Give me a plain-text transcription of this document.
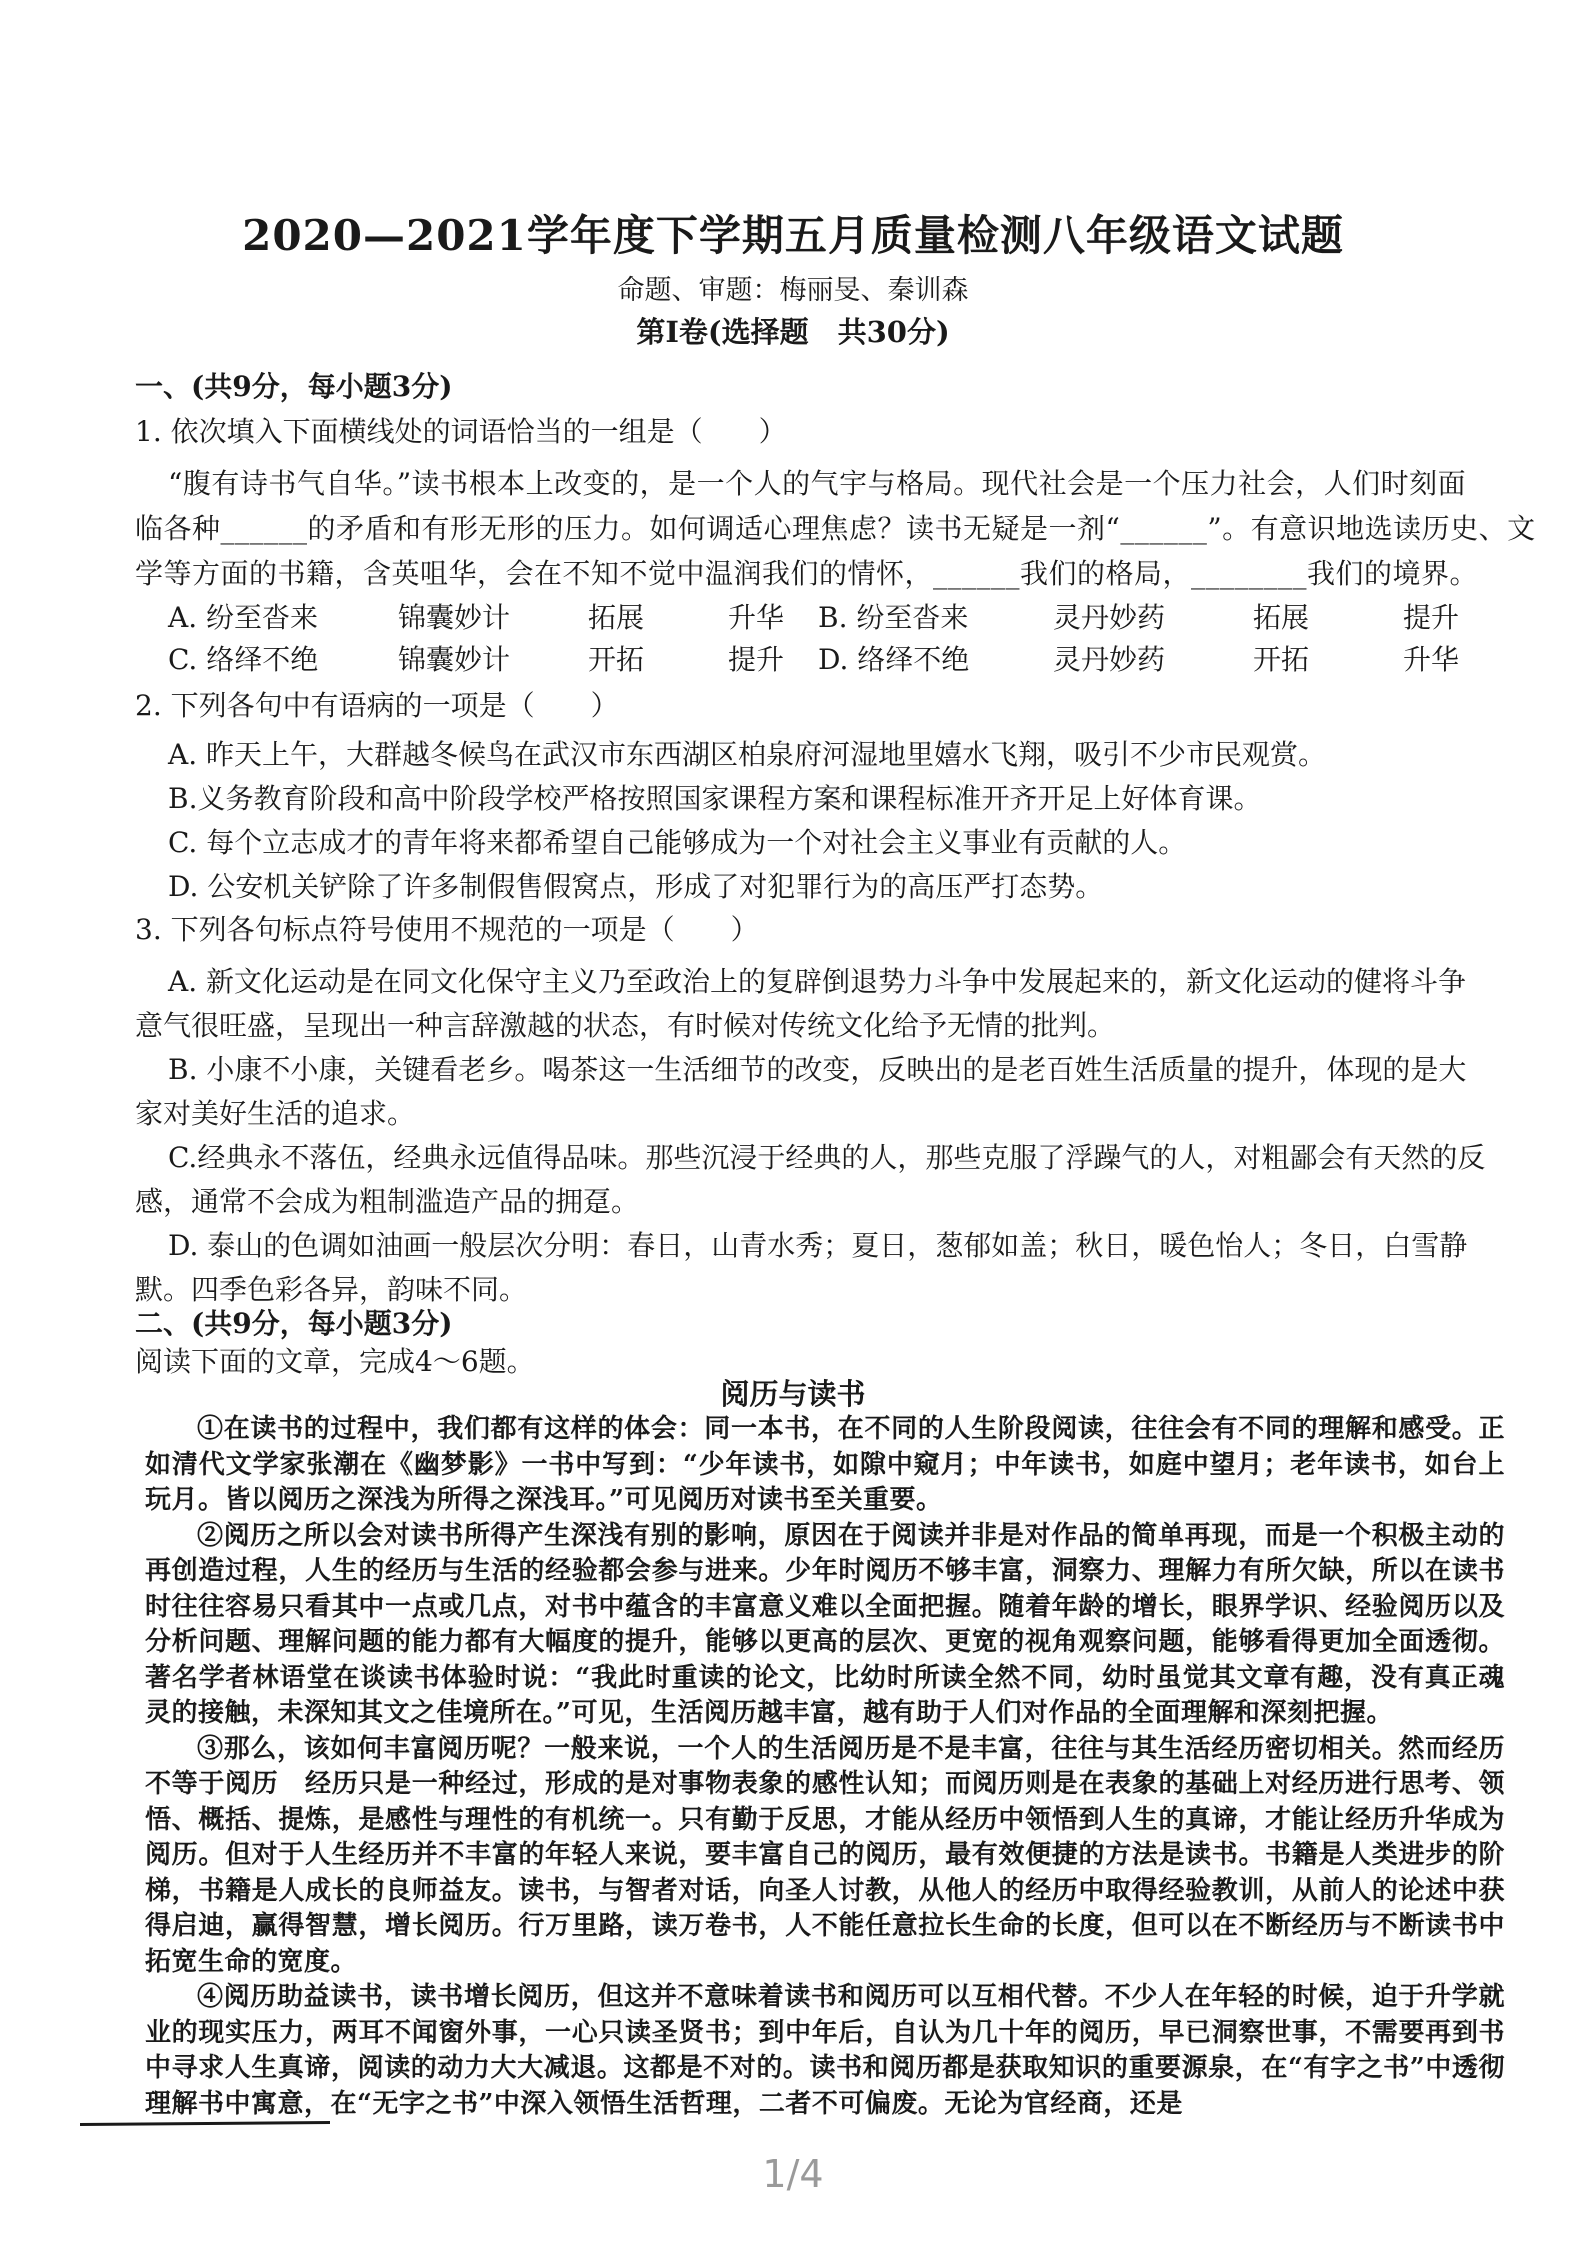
2020—2021学年度下学期五月质量检测八年级语文试题
命题、审题：梅丽旻、秦训森
第Ⅰ卷(选择题　共30分)
一、(共9分，每小题3分)
1. 依次填入下面横线处的词语恰当的一组是（　　）
“腹有诗书气自华。”读书根本上改变的，是一个人的气宇与格局。现代社会是一个压力社会，人们时刻面
临各种______的矛盾和有形无形的压力。如何调适心理焦虑？读书无疑是一剂“______”。有意识地选读历史、文
学等方面的书籍，含英咀华，会在不知不觉中温润我们的情怀，______我们的格局，________我们的境界。
A. 纷至沓来	锦囊妙计	拓展	升华 B. 纷至沓来	灵丹妙药	拓展	提升
C. 络绎不绝	锦囊妙计	开拓	提升 D. 络绎不绝	灵丹妙药	开拓	升华
2. 下列各句中有语病的一项是（　　）
A. 昨天上午，大群越冬候鸟在武汉市东西湖区柏泉府河湿地里嬉水飞翔，吸引不少市民观赏。
B.义务教育阶段和高中阶段学校严格按照国家课程方案和课程标准开齐开足上好体育课。
C. 每个立志成才的青年将来都希望自己能够成为一个对社会主义事业有贡献的人。
D. 公安机关铲除了许多制假售假窝点，形成了对犯罪行为的高压严打态势。
3. 下列各句标点符号使用不规范的一项是（　　）
A. 新文化运动是在同文化保守主义乃至政治上的复辟倒退势力斗争中发展起来的，新文化运动的健将斗争
意气很旺盛，呈现出一种言辞激越的状态，有时候对传统文化给予无情的批判。
B. 小康不小康，关键看老乡。喝茶这一生活细节的改变，反映出的是老百姓生活质量的提升，体现的是大
家对美好生活的追求。
C.经典永不落伍，经典永远值得品味。那些沉浸于经典的人，那些克服了浮躁气的人，对粗鄙会有天然的反
感，通常不会成为粗制滥造产品的拥趸。
D. 泰山的色调如油画一般层次分明：春日，山青水秀；夏日，葱郁如盖；秋日，暖色怡人；冬日，白雪静
默。四季色彩各异，韵味不同。
二、(共9分，每小题3分)
阅读下面的文章，完成4～6题。
阅历与读书

①在读书的过程中，我们都有这样的体会：同一本书，在不同的人生阶段阅读，往往会有不同的理解和感受。正如清代文学家张潮在《幽梦影》一书中写到：“少年读书，如隙中窥月；中年读书，如庭中望月；老年读书，如台上玩月。皆以阅历之深浅为所得之深浅耳。”可见阅历对读书至关重要。

②阅历之所以会对读书所得产生深浅有别的影响，原因在于阅读并非是对作品的简单再现，而是一个积极主动的再创造过程，人生的经历与生活的经验都会参与进来。少年时阅历不够丰富，洞察力、理解力有所欠缺，所以在读书时往往容易只看其中一点或几点，对书中蕴含的丰富意义难以全面把握。随着年龄的增长，眼界学识、经验阅历以及分析问题、理解问题的能力都有大幅度的提升，能够以更高的层次、更宽的视角观察问题，能够看得更加全面透彻。著名学者林语堂在谈读书体验时说：“我此时重读的论文，比幼时所读全然不同，幼时虽觉其文章有趣，没有真正魂灵的接触，未深知其文之佳境所在。”可见，生活阅历越丰富，越有助于人们对作品的全面理解和深刻把握。

③那么，该如何丰富阅历呢？一般来说，一个人的生活阅历是不是丰富，往往与其生活经历密切相关。然而经历不等于阅历　经历只是一种经过，形成的是对事物表象的感性认知；而阅历则是在表象的基础上对经历进行思考、领悟、概括、提炼，是感性与理性的有机统一。只有勤于反思，才能从经历中领悟到人生的真谛，才能让经历升华成为阅历。但对于人生经历并不丰富的年轻人来说，要丰富自己的阅历，最有效便捷的方法是读书。书籍是人类进步的阶梯，书籍是人成长的良师益友。读书，与智者对话，向圣人讨教，从他人的经历中取得经验教训，从前人的论述中获得启迪，赢得智慧，增长阅历。行万里路，读万卷书，人不能任意拉长生命的长度，但可以在不断经历与不断读书中拓宽生命的宽度。

④阅历助益读书，读书增长阅历，但这并不意味着读书和阅历可以互相代替。不少人在年轻的时候，迫于升学就业的现实压力，两耳不闻窗外事，一心只读圣贤书；到中年后，自认为几十年的阅历，早已洞察世事，不需要再到书中寻求人生真谛，阅读的动力大大减退。这都是不对的。读书和阅历都是获取知识的重要源泉，在“有字之书”中透彻理解书中寓意，在“无字之书”中深入领悟生活哲理，二者不可偏废。无论为官经商，还是

1/4
